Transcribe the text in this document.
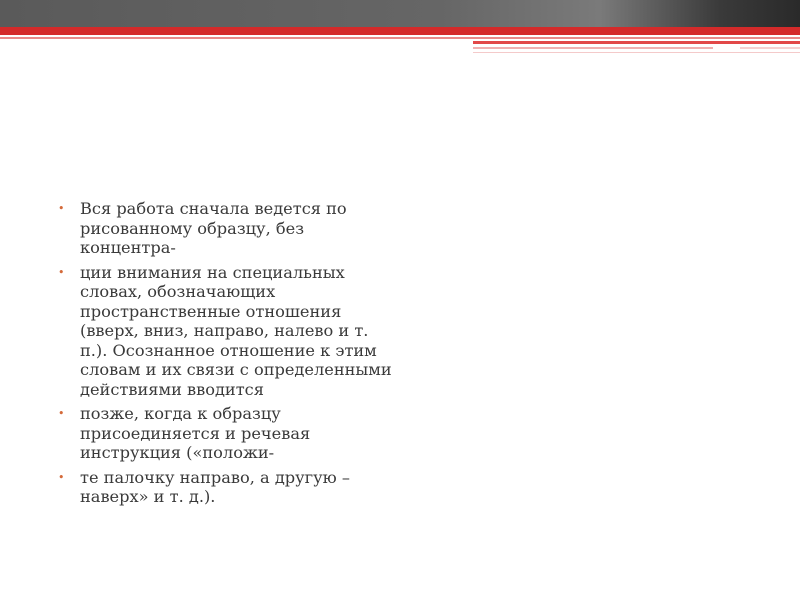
• Вся работа сначала ведется по рисованному образцу, без концентра-
• ции внимания на специальных словах, обозначающих пространственные отношения (вверх, вниз, направо, налево и т. п.). Осознанное отношение к этим словам и их связи с определенными действиями вводится
• позже, когда к образцу присоединяется и речевая инструкция («положи-
• те палочку направо, а другую – наверх» и т. д.).
